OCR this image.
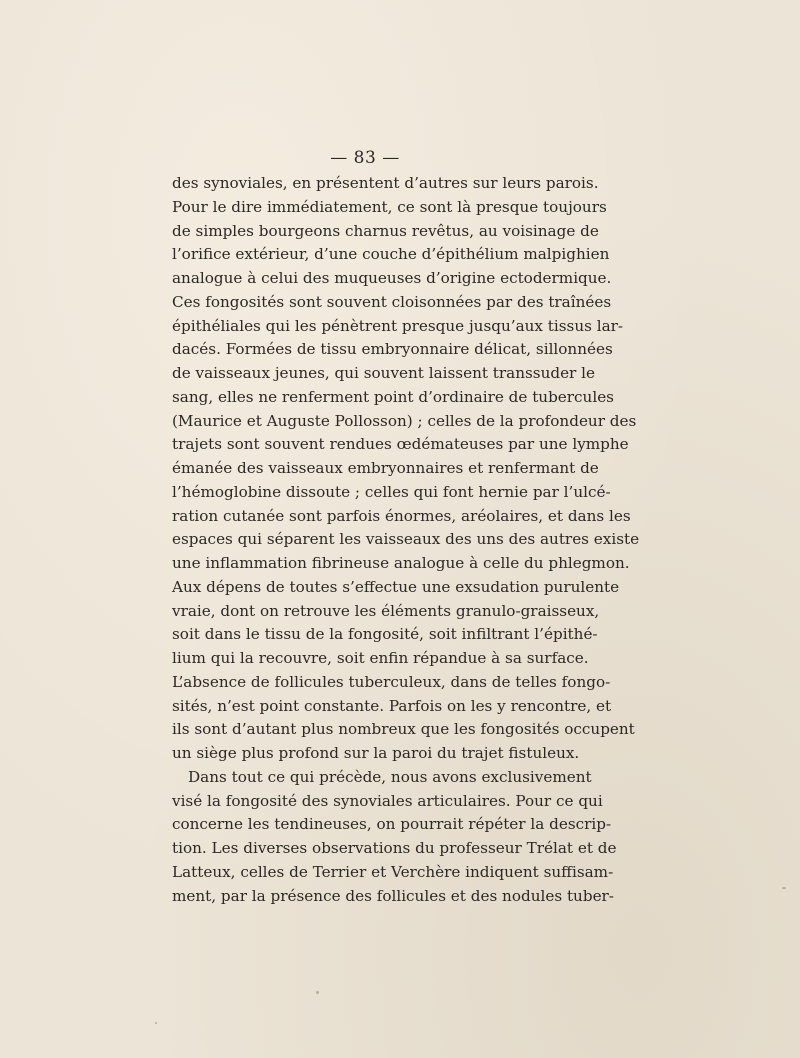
— 83 —
des synoviales, en présentent d’autres sur leurs parois.
Pour le dire immédiatement, ce sont là presque toujours
de simples bourgeons charnus revêtus, au voisinage de
l’orifice extérieur, d’une couche d’épithélium malpighien
analogue à celui des muqueuses d’origine ectodermique.
Ces fongosités sont souvent cloisonnées par des traînées
épithéliales qui les pénètrent presque jusqu’aux tissus lar-
dacés. Formées de tissu embryonnaire délicat, sillonnées
de vaisseaux jeunes, qui souvent laissent transsuder le
sang, elles ne renferment point d’ordinaire de tubercules
(Maurice et Auguste Pollosson) ; celles de la profondeur des
trajets sont souvent rendues œdémateuses par une lymphe
émanée des vaisseaux embryonnaires et renfermant de
l’hémoglobine dissoute ; celles qui font hernie par l’ulcé-
ration cutanée sont parfois énormes, aréolaires, et dans les
espaces qui séparent les vaisseaux des uns des autres existe
une inflammation fibrineuse analogue à celle du phlegmon.
Aux dépens de toutes s’effectue une exsudation purulente
vraie, dont on retrouve les éléments granulo-graisseux,
soit dans le tissu de la fongosité, soit infiltrant l’épithé-
lium qui la recouvre, soit enfin répandue à sa surface.
L’absence de follicules tuberculeux, dans de telles fongo-
sités, n’est point constante. Parfois on les y rencontre, et
ils sont d’autant plus nombreux que les fongosités occupent
un siège plus profond sur la paroi du trajet fistuleux.
Dans tout ce qui précède, nous avons exclusivement
visé la fongosité des synoviales articulaires. Pour ce qui
concerne les tendineuses, on pourrait répéter la descrip-
tion. Les diverses observations du professeur Trélat et de
Latteux, celles de Terrier et Verchère indiquent suffisam-
ment, par la présence des follicules et des nodules tuber-
